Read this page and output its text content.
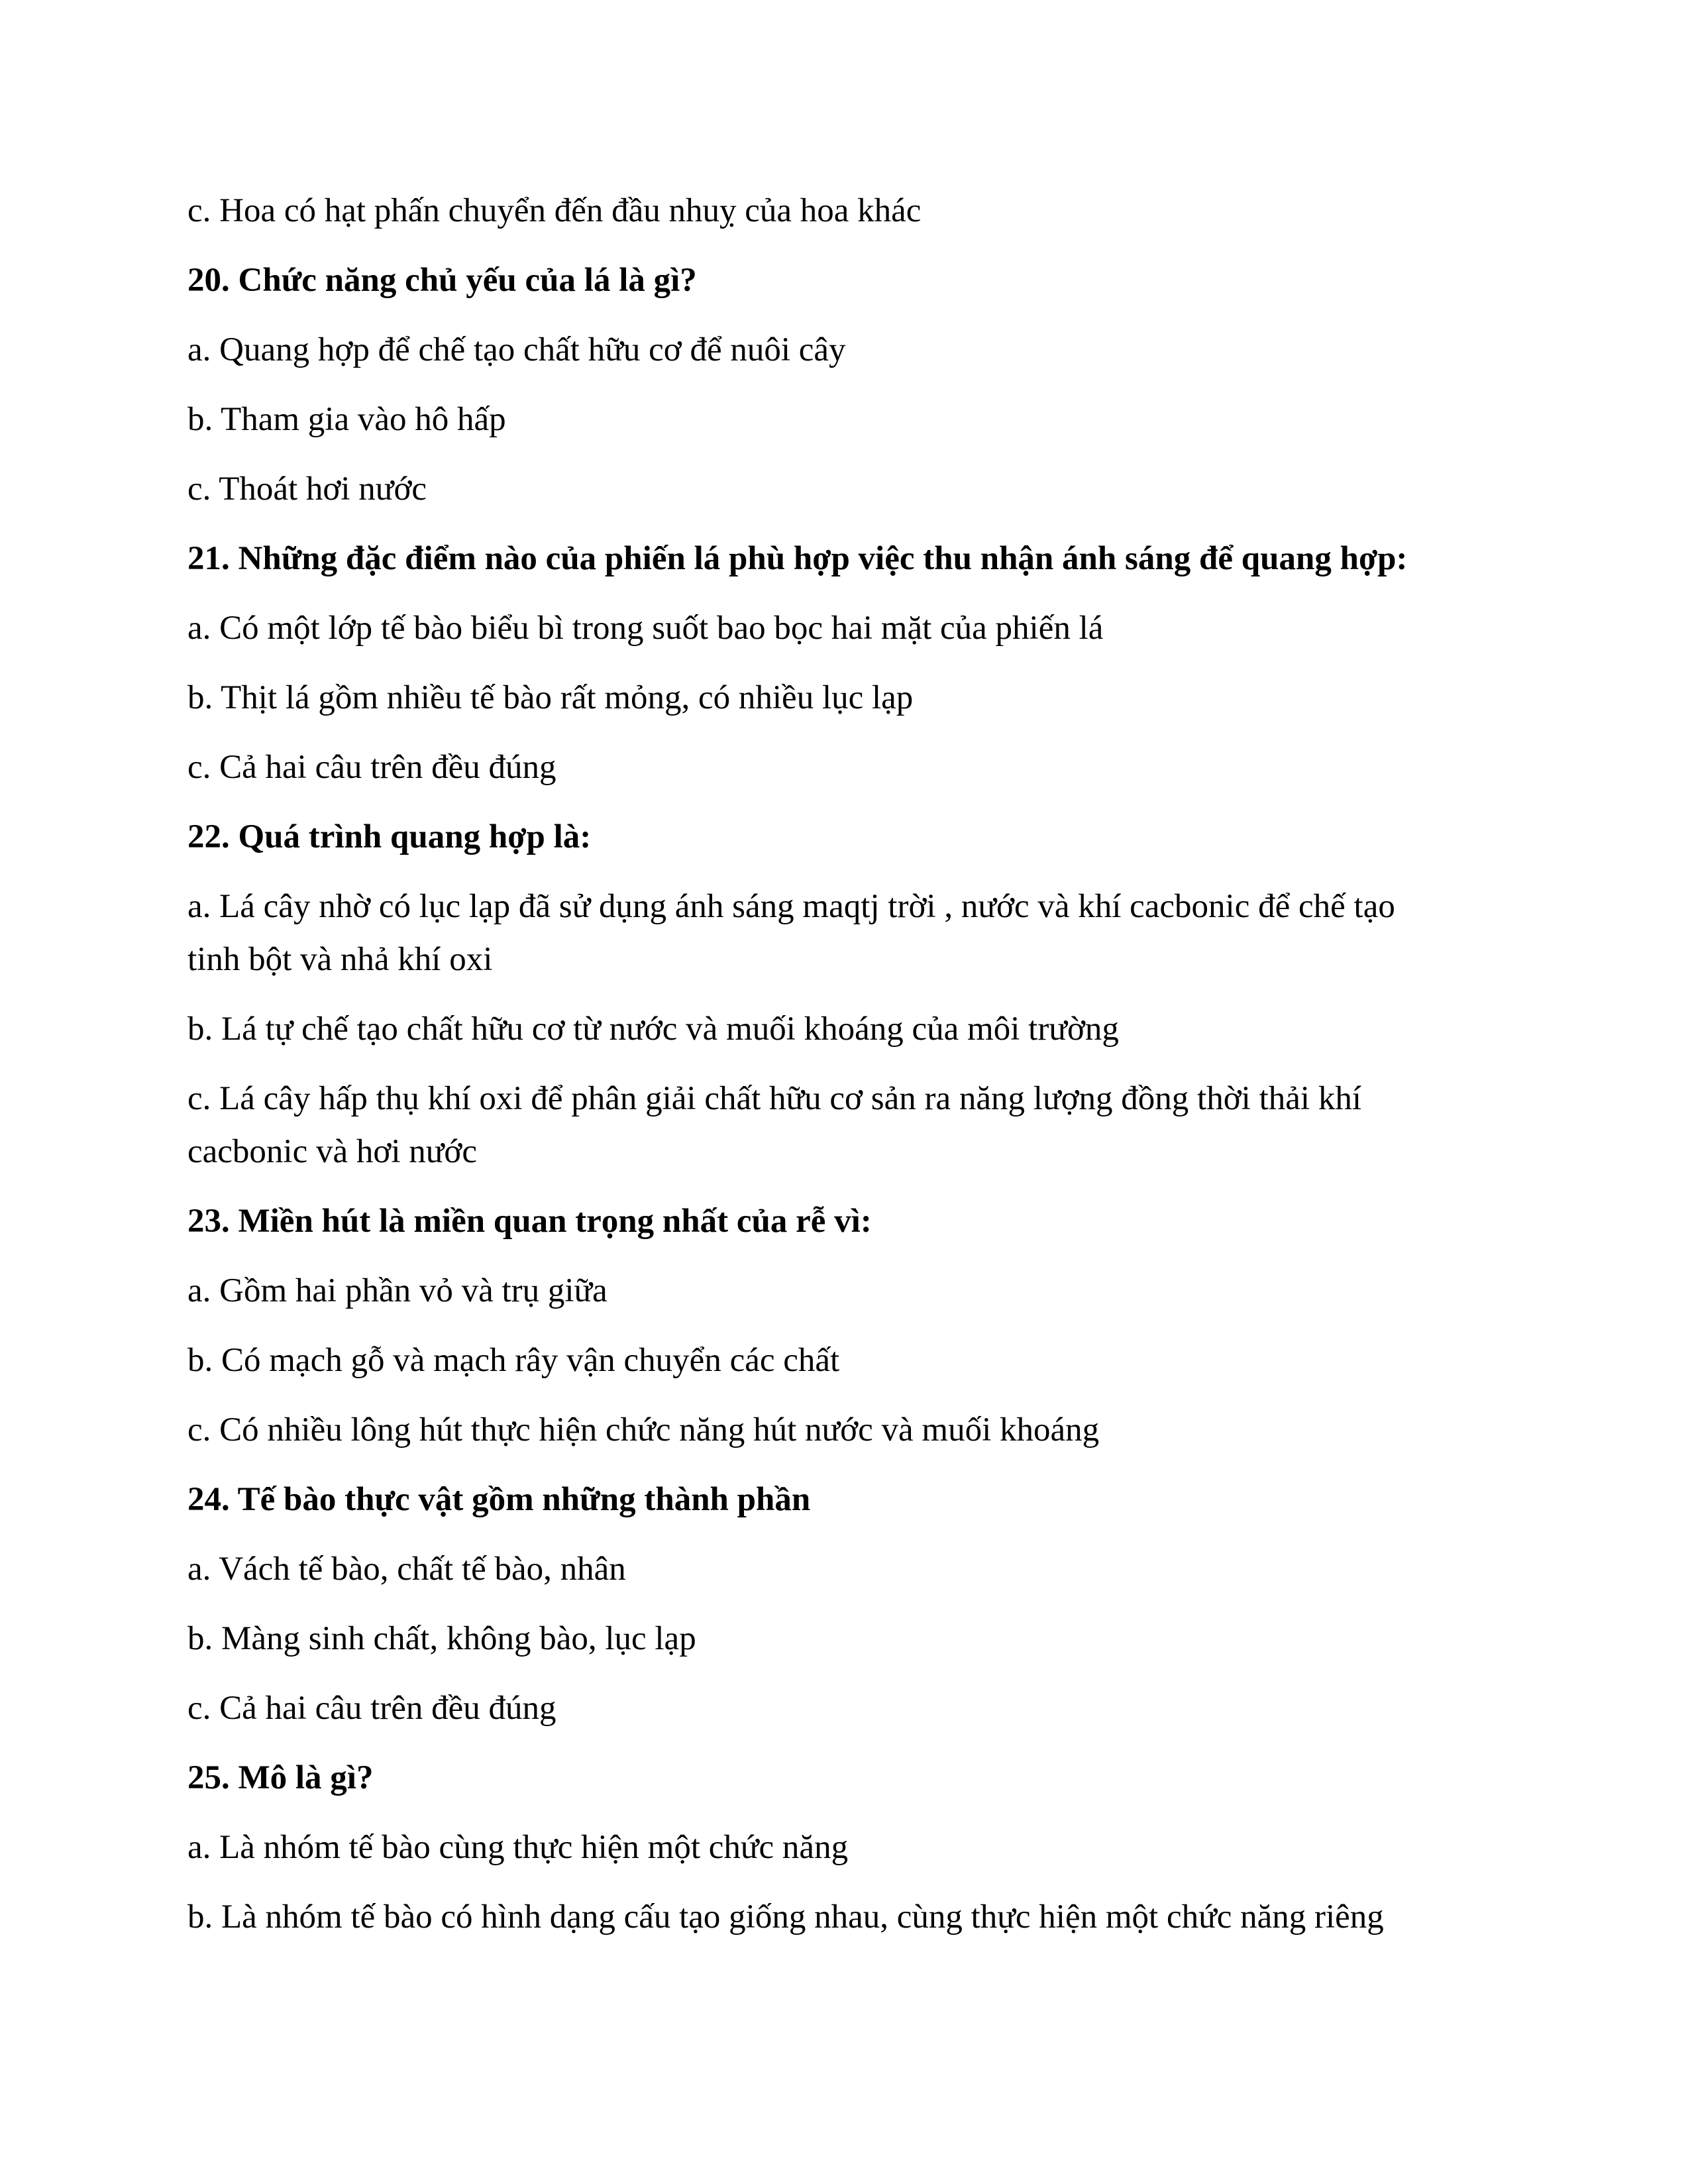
c. Hoa có hạt phấn chuyển đến đầu nhuỵ của hoa khác

20. Chức năng chủ yếu của lá là gì?

a. Quang hợp để chế tạo chất hữu cơ để nuôi cây

b. Tham gia vào hô hấp

c. Thoát hơi nước

21. Những đặc điểm nào của phiến lá phù hợp việc thu nhận ánh sáng để quang hợp:

a. Có một lớp tế bào biểu bì trong suốt bao bọc hai mặt của phiến lá

b. Thịt lá gồm nhiều tế bào rất mỏng, có nhiều lục lạp

c. Cả hai câu trên đều đúng

22. Quá trình quang hợp là:

a. Lá cây nhờ có lục lạp đã sử dụng ánh sáng maqtj trời , nước và khí cacbonic để chế tạo

tinh bột và nhả khí oxi

b. Lá tự chế tạo chất hữu cơ từ nước và muối khoáng của môi trường

c. Lá cây hấp thụ khí oxi để phân giải chất hữu cơ sản ra năng lượng đồng thời thải khí

cacbonic và hơi nước

23. Miền hút là miền quan trọng nhất của rễ vì:

a. Gồm hai phần vỏ và trụ giữa

b. Có mạch gỗ và mạch rây vận chuyển các chất

c. Có nhiều lông hút thực hiện chức năng hút nước và muối khoáng

24. Tế bào thực vật gồm những thành phần

a. Vách tế bào, chất tế bào, nhân

b. Màng sinh chất, không bào, lục lạp

c. Cả hai câu trên đều đúng

25. Mô là gì?

a. Là nhóm tế bào cùng thực hiện một chức năng

b. Là nhóm tế bào có hình dạng cấu tạo giống nhau, cùng thực hiện một chức năng riêng
